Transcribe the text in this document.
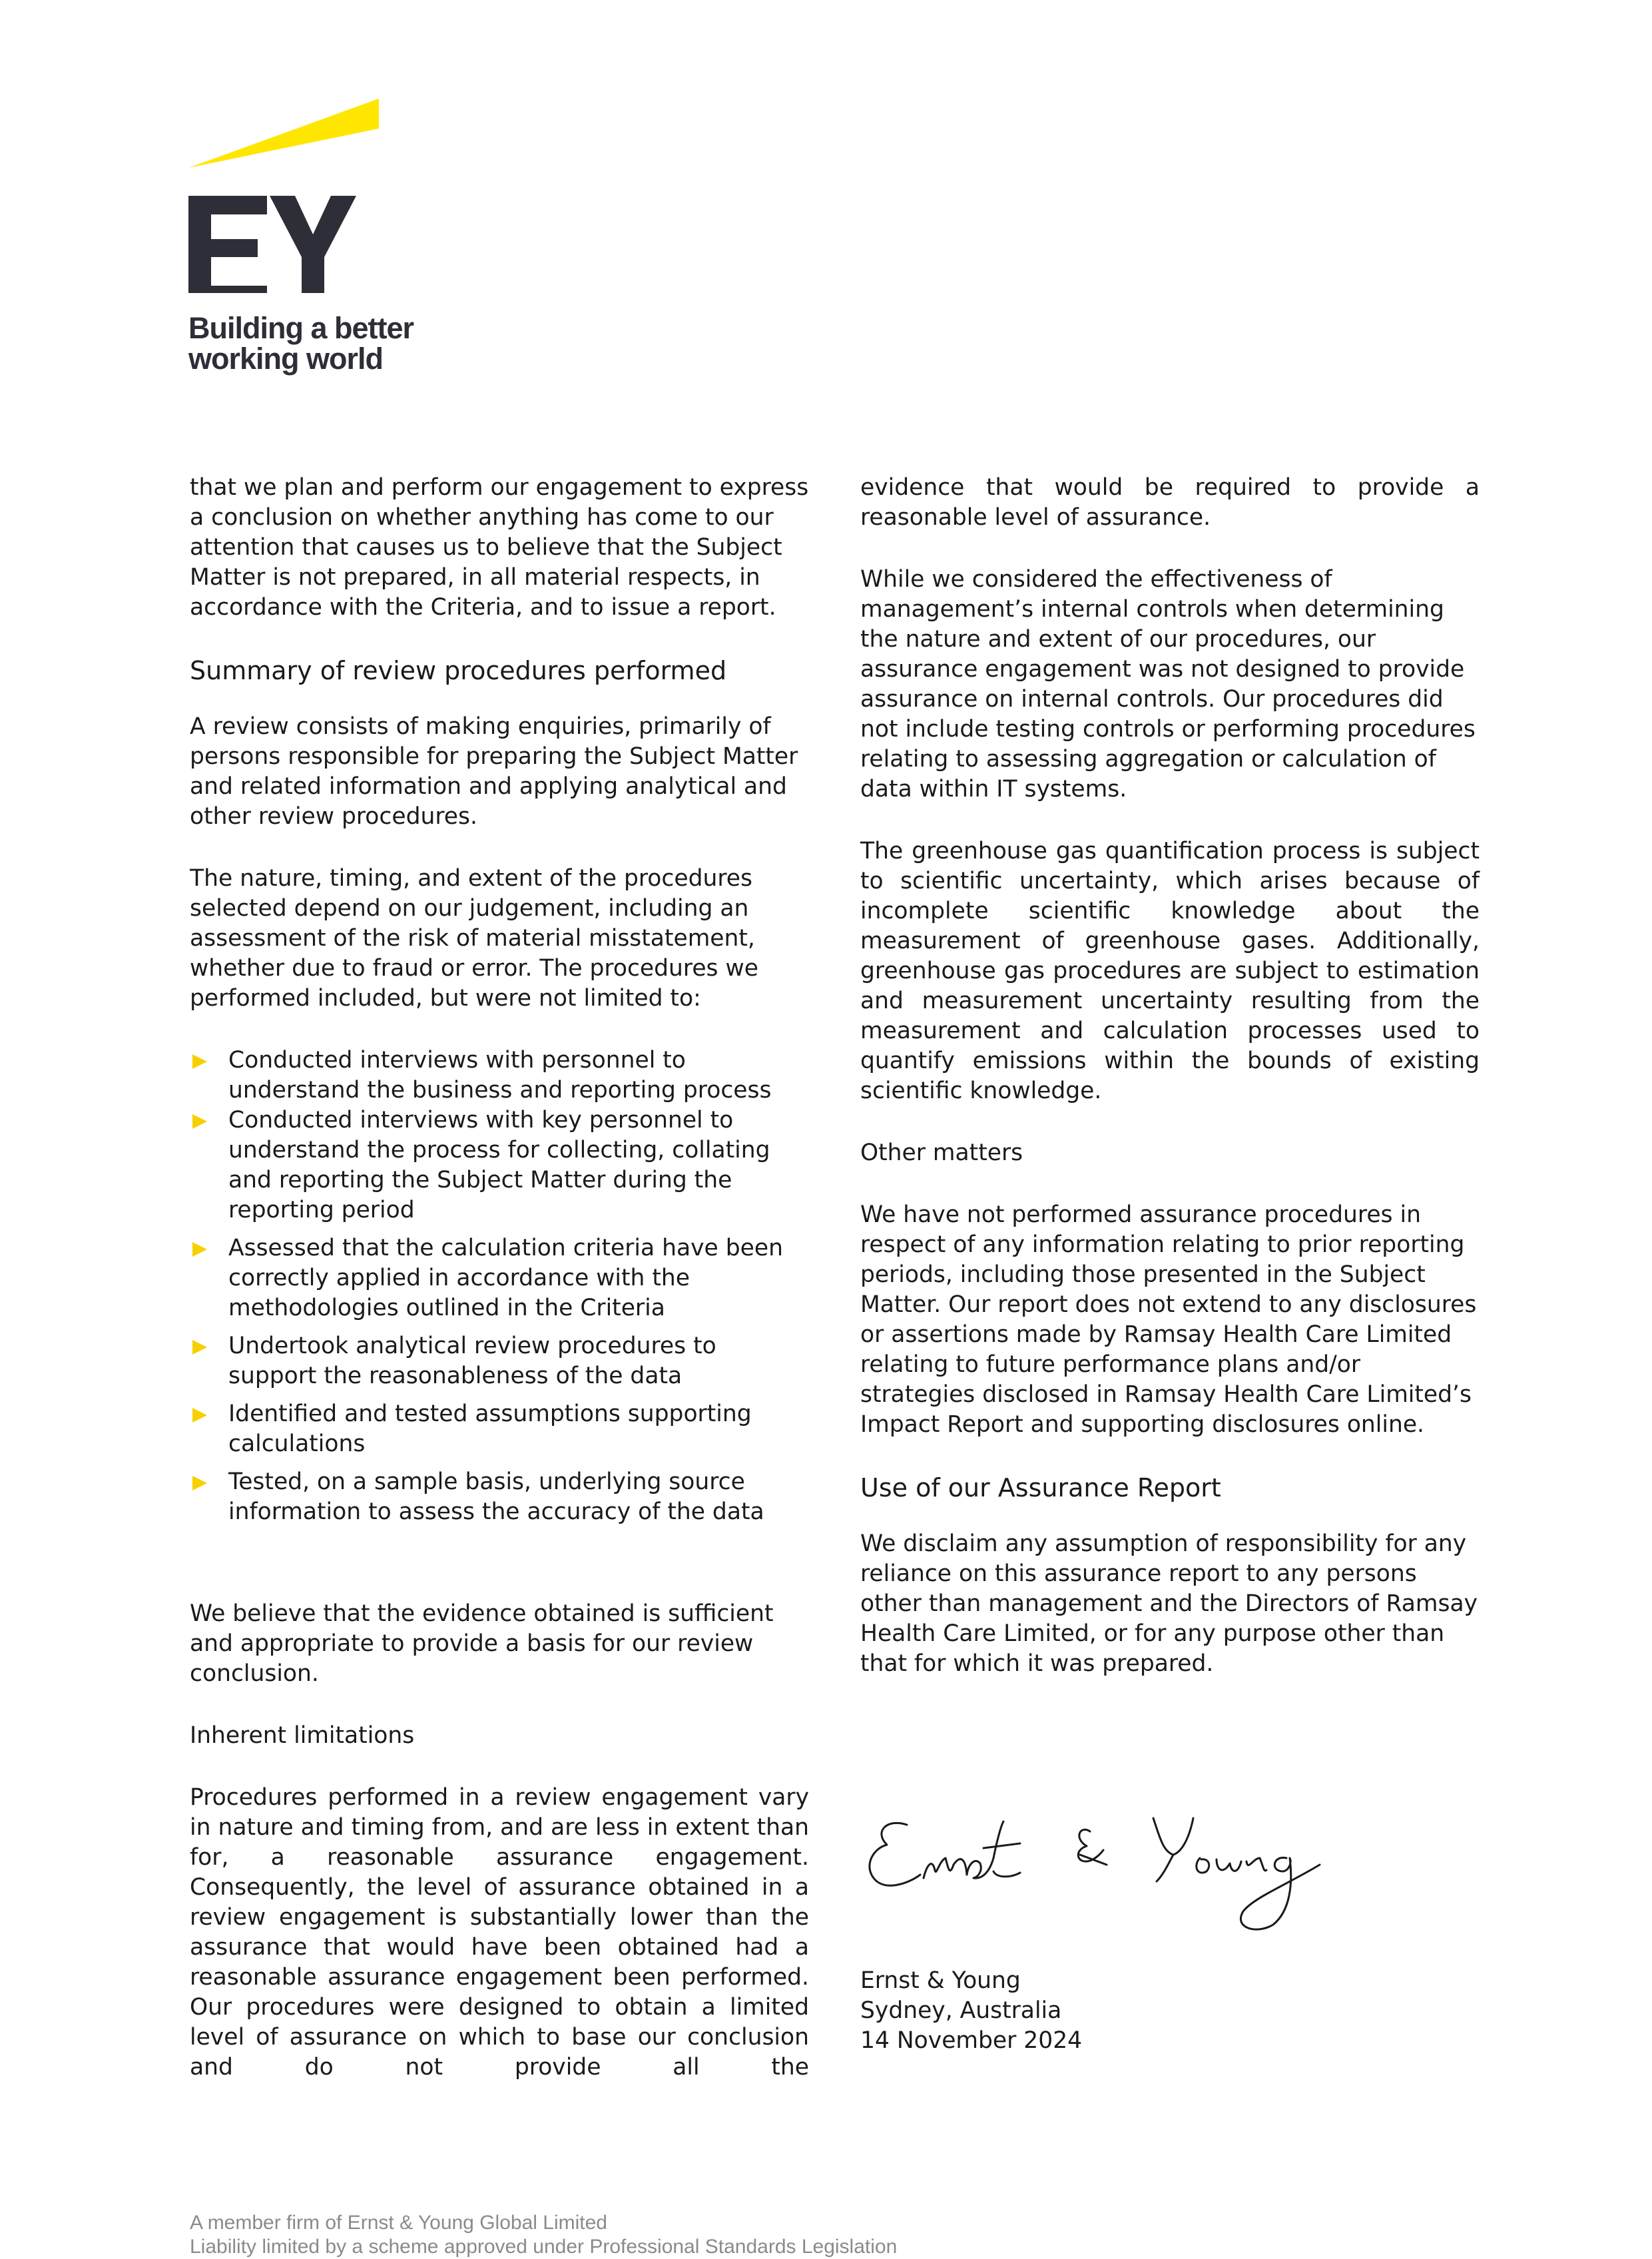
Building a better
working world

that we plan and perform our engagement to express a conclusion on whether anything has come to our attention that causes us to believe that the Subject Matter is not prepared, in all material respects, in accordance with the Criteria, and to issue a report.

Summary of review procedures performed

A review consists of making enquiries, primarily of persons responsible for preparing the Subject Matter and related information and applying analytical and other review procedures.

The nature, timing, and extent of the procedures selected depend on our judgement, including an assessment of the risk of material misstatement, whether due to fraud or error. The procedures we performed included, but were not limited to:

Conducted interviews with personnel to understand the business and reporting process
Conducted interviews with key personnel to understand the process for collecting, collating and reporting the Subject Matter during the reporting period
Assessed that the calculation criteria have been correctly applied in accordance with the methodologies outlined in the Criteria
Undertook analytical review procedures to support the reasonableness of the data
Identified and tested assumptions supporting calculations
Tested, on a sample basis, underlying source information to assess the accuracy of the data

We believe that the evidence obtained is sufficient and appropriate to provide a basis for our review conclusion.

Inherent limitations

Procedures performed in a review engagement vary in nature and timing from, and are less in extent than for, a reasonable assurance engagement. Consequently, the level of assurance obtained in a review engagement is substantially lower than the assurance that would have been obtained had a reasonable assurance engagement been performed. Our procedures were designed to obtain a limited level of assurance on which to base our conclusion and do not provide all the

evidence that would be required to provide a reasonable level of assurance.

While we considered the effectiveness of management’s internal controls when determining the nature and extent of our procedures, our assurance engagement was not designed to provide assurance on internal controls. Our procedures did not include testing controls or performing procedures relating to assessing aggregation or calculation of data within IT systems.

The greenhouse gas quantification process is subject to scientific uncertainty, which arises because of incomplete scientific knowledge about the measurement of greenhouse gases. Additionally, greenhouse gas procedures are subject to estimation and measurement uncertainty resulting from the measurement and calculation processes used to quantify emissions within the bounds of existing scientific knowledge.

Other matters

We have not performed assurance procedures in respect of any information relating to prior reporting periods, including those presented in the Subject Matter. Our report does not extend to any disclosures or assertions made by Ramsay Health Care Limited relating to future performance plans and/or strategies disclosed in Ramsay Health Care Limited’s Impact Report and supporting disclosures online.

Use of our Assurance Report

We disclaim any assumption of responsibility for any reliance on this assurance report to any persons other than management and the Directors of Ramsay Health Care Limited, or for any purpose other than that for which it was prepared.

Ernst & Young

Sydney, Australia

14 November 2024

A member firm of Ernst & Young Global Limited
Liability limited by a scheme approved under Professional Standards Legislation
